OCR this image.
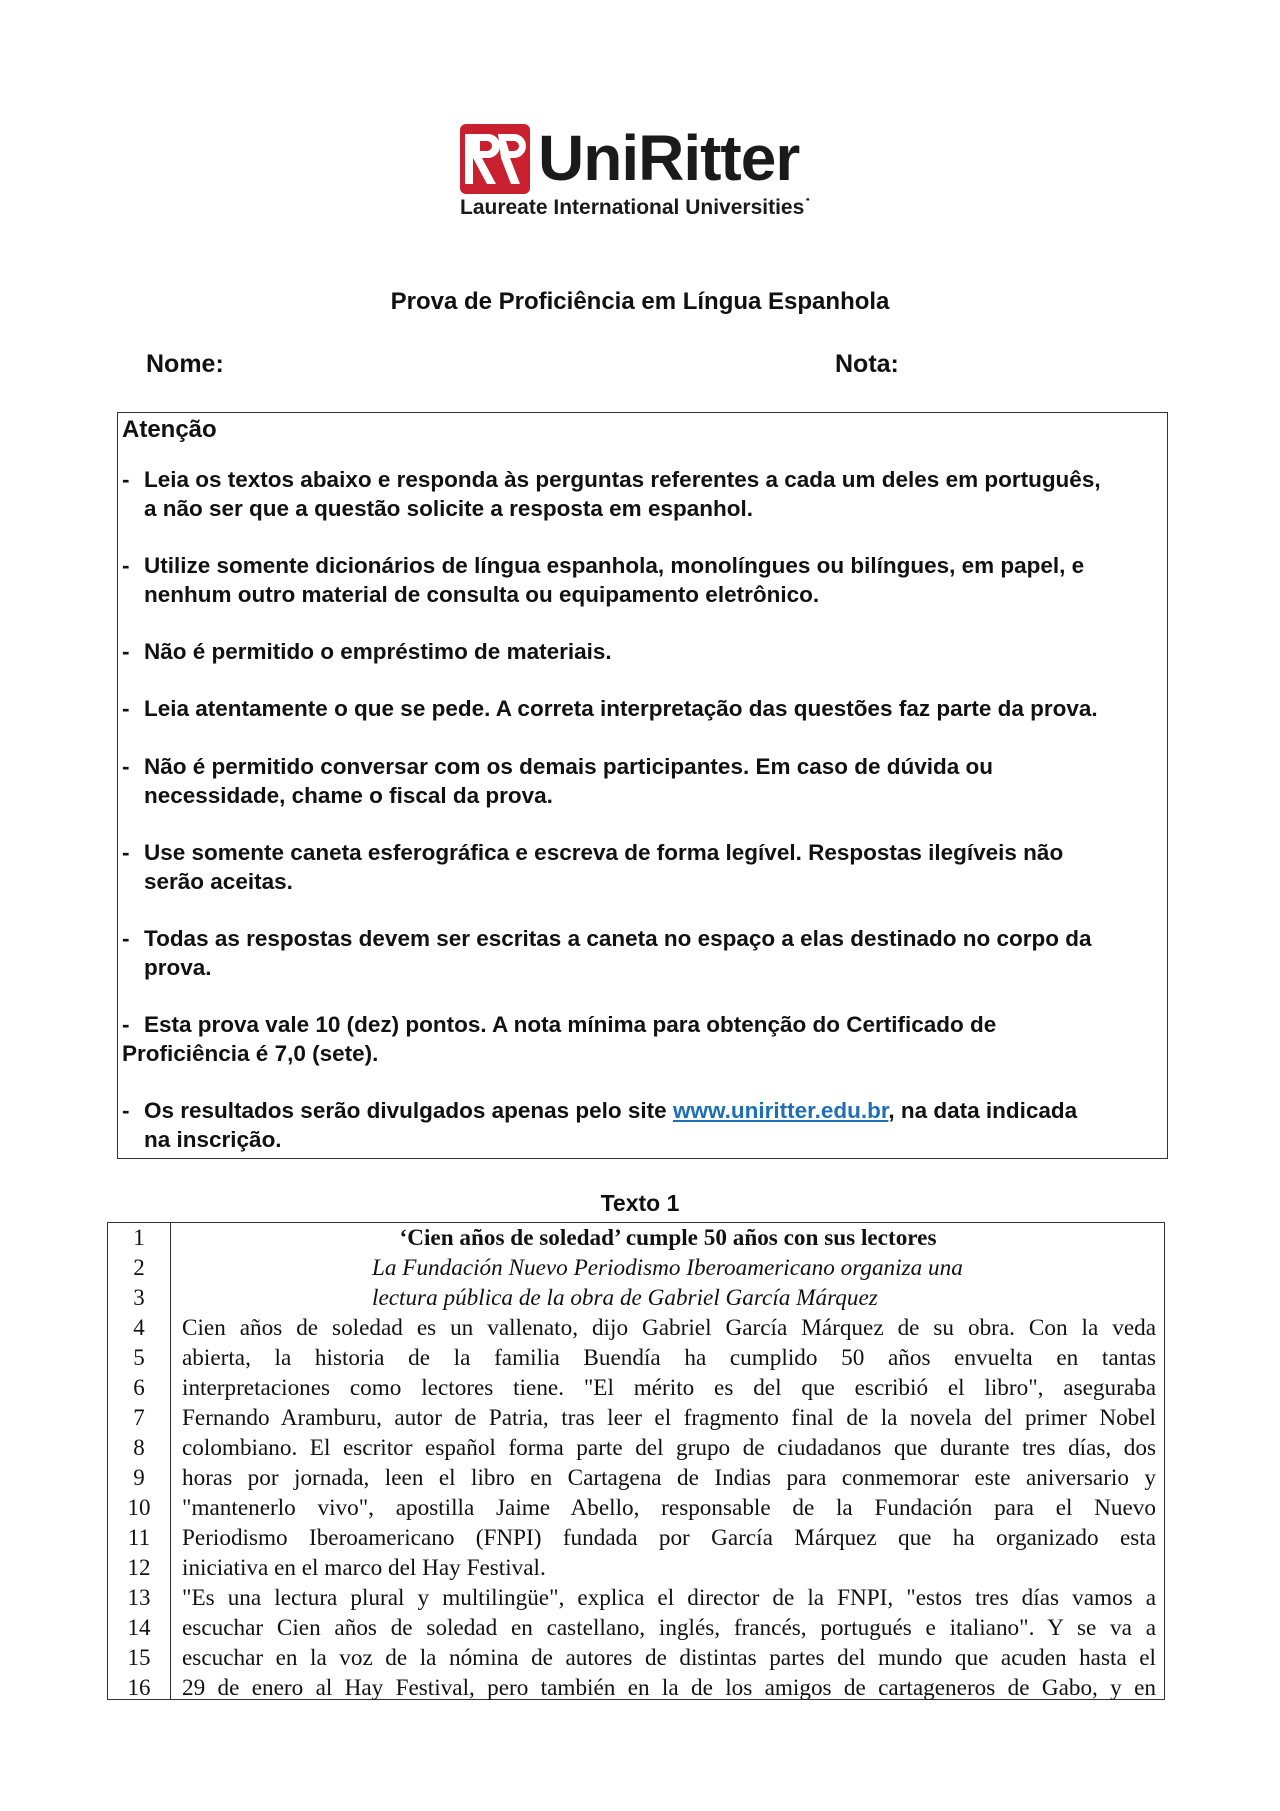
UniRitter
Laureate International Universities˙
Prova de Proficiência em Língua Espanhola
Nome:	Nota:
Atenção
- Leia os textos abaixo e responda às perguntas referentes a cada um deles em português,
a não ser que a questão solicite a resposta em espanhol.
- Utilize somente dicionários de língua espanhola, monolíngues ou bilíngues, em papel, e
nenhum outro material de consulta ou equipamento eletrônico.
- Não é permitido o empréstimo de materiais.
- Leia atentamente o que se pede. A correta interpretação das questões faz parte da prova.
- Não é permitido conversar com os demais participantes. Em caso de dúvida ou
necessidade, chame o fiscal da prova.
- Use somente caneta esferográfica e escreva de forma legível. Respostas ilegíveis não
serão aceitas.
- Todas as respostas devem ser escritas a caneta no espaço a elas destinado no corpo da
prova.
- Esta prova vale 10 (dez) pontos. A nota mínima para obtenção do Certificado de
Proficiência é 7,0 (sete).
- Os resultados serão divulgados apenas pelo site www.uniritter.edu.br, na data indicada
na inscrição.
Texto 1
1
2
3
4
5
6
7
8
9
10
11
12
13
14
15
16
‘Cien años de soledad’ cumple 50 años con sus lectores
La Fundación Nuevo Periodismo Iberoamericano organiza una
lectura pública de la obra de Gabriel García Márquez
Cien años de soledad es un vallenato, dijo Gabriel García Márquez de su obra. Con la veda
abierta, la historia de la familia Buendía ha cumplido 50 años envuelta en tantas
interpretaciones como lectores tiene. "El mérito es del que escribió el libro", aseguraba
Fernando Aramburu, autor de Patria, tras leer el fragmento final de la novela del primer Nobel
colombiano. El escritor español forma parte del grupo de ciudadanos que durante tres días, dos
horas por jornada, leen el libro en Cartagena de Indias para conmemorar este aniversario y
"mantenerlo vivo", apostilla Jaime Abello, responsable de la Fundación para el Nuevo
Periodismo Iberoamericano (FNPI) fundada por García Márquez que ha organizado esta
iniciativa en el marco del Hay Festival.
"Es una lectura plural y multilingüe", explica el director de la FNPI, "estos tres días vamos a
escuchar Cien años de soledad en castellano, inglés, francés, portugués e italiano". Y se va a
escuchar en la voz de la nómina de autores de distintas partes del mundo que acuden hasta el
29 de enero al Hay Festival, pero también en la de los amigos de cartageneros de Gabo, y en
